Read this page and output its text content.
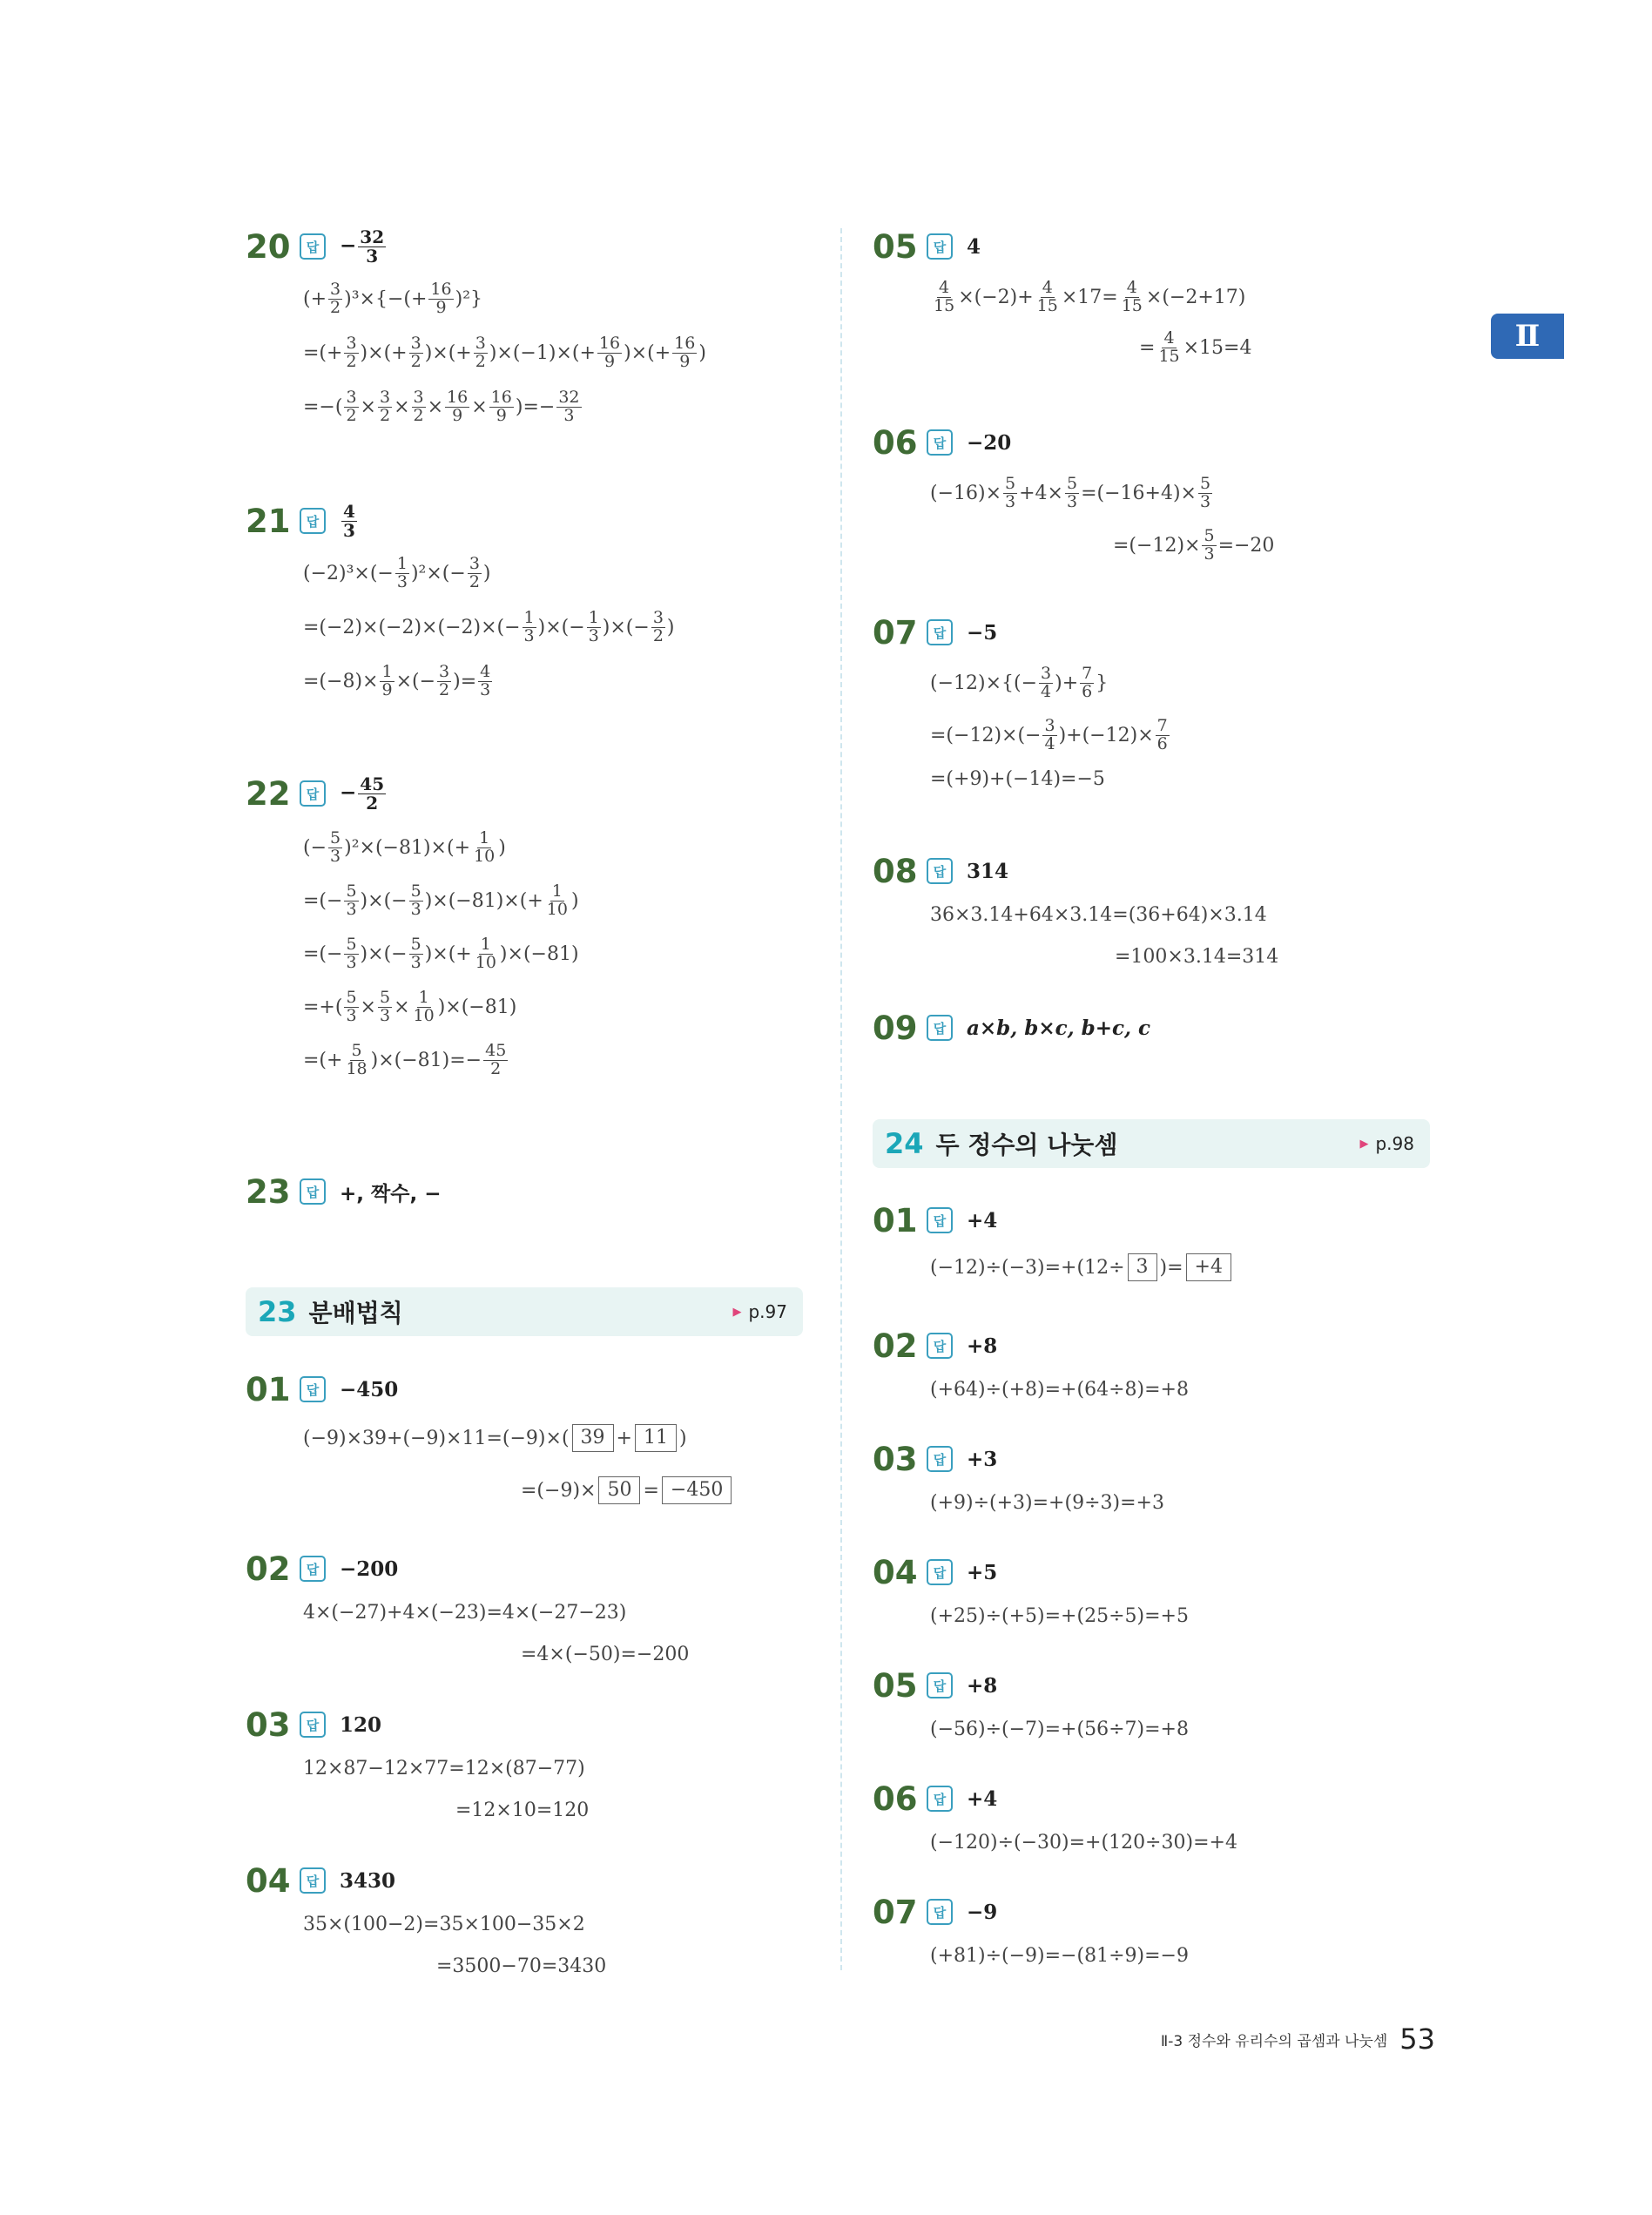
Ⅱ
20	답	− $\frac{32}{3}$
(+ $\frac{3}{2} )^3\times\{-(+ \frac{16}{9} )^2\}$
=(+ $\frac{3}{2}$ )×(+ $\frac{3}{2}$ )×(+ $\frac{3}{2} )\times(-1)\times(+ \frac{16}{9}$ )×(+ $\frac{16}{9}$ )
=−( $\frac{3}{2} \times \frac{3}{2} \times \frac{3}{2} \times \frac{16}{9} \times \frac{16}{9}$ )=− $\frac{32}{3}$
21	답	$\frac{4}{3}$
$(-2)^3\times(- \frac{1}{3} )^2\times(- \frac{3}{2}$ )
$=(-2)\times(-2)\times(-2)\times(- \frac{1}{3}$ )×(− $\frac{1}{3}$ )×(− $\frac{3}{2}$ )
$=(-8)\times \frac{1}{9}$ ×(− $\frac{3}{2}$ )= $\frac{4}{3}$
22	답	− $\frac{45}{2}$
(− $\frac{5}{3} )^2\times(-81)\times(+ \frac{1}{10}$ )
=(− $\frac{5}{3}$ )×(− $\frac{5}{3} )\times(-81)\times(+ \frac{1}{10}$ )
=(− $\frac{5}{3}$ )×(− $\frac{5}{3}$ )×(+ $\frac{1}{10} )\times(-81)$
=+( $\frac{5}{3} \times \frac{5}{3} \times \frac{1}{10} )\times(-81)$
=(+ $\frac{5}{18} )\times(-81)=- \frac{45}{2}$
23	답	+, 짝수, −
23 분배법칙	▶ p.97
01	답	−450
(−9)×39+(−9)×11=(−9)×( 39 + 11 )
=(−9)× 50 = −450
02	답	−200
4×(−27)+4×(−23)=4×(−27−23)
=4×(−50)=−200
03	답	120
12×87−12×77=12×(87−77)
=12×10=120
04	답	3430
35×(100−2)=35×100−35×2
=3500−70=3430
05	답	4
$\frac{4}{15} \times(-2)+ \frac{4}{15} \times 17= \frac{4}{15} \times(-2+17)$
= $\frac{4}{15} \times 15=4$
06	답	−20
$(-16)\times \frac{5}{3} +4\times \frac{5}{3} =(-16+4)\times \frac{5}{3}$
$=(-12)\times \frac{5}{3} =-20$
07	답	−5
$(-12)\times\{(- \frac{3}{4}$ )+ $\frac{7}{6}$ }
$=(-12)\times(- \frac{3}{4} )+(-12)\times \frac{7}{6}$
=(+9)+(−14)=−5
08	답	314
36×3.14+64×3.14=(36+64)×3.14
=100×3.14=314
09	답	a×b, b×c, b+c, c
24 두 정수의 나눗셈	▶ p.98
01	답	+4
(−12)÷(−3)=+(12÷ 3 )= +4
02	답	+8
(+64)÷(+8)=+(64÷8)=+8
03	답	+3
(+9)÷(+3)=+(9÷3)=+3
04	답	+5
(+25)÷(+5)=+(25÷5)=+5
05	답	+8
(−56)÷(−7)=+(56÷7)=+8
06	답	+4
(−120)÷(−30)=+(120÷30)=+4
07	답	−9
(+81)÷(−9)=−(81÷9)=−9
Ⅱ-3 정수와 유리수의 곱셈과 나눗셈 53
